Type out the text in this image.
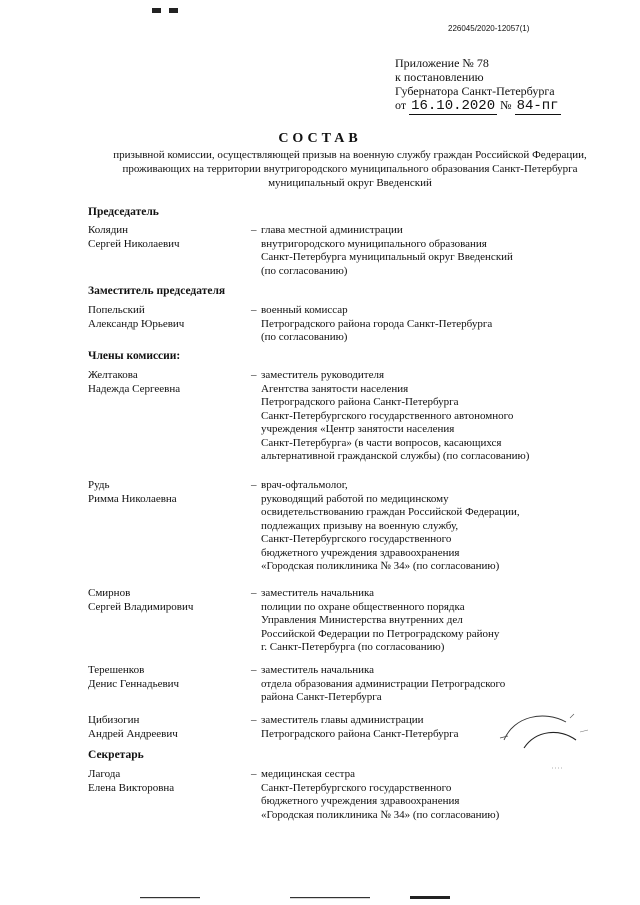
226045/2020-12057(1)
Приложение № 78
к постановлению
Губернатора Санкт-Петербурга
от 16.10.2020 № 84-пг
СОСТАВ
призывной комиссии, осуществляющей призыв на военную службу граждан Российской Федерации, проживающих на территории внутригородского муниципального образования Санкт-Петербурга муниципальный округ Введенский
Председатель
Колядин
Сергей Николаевич
– глава местной администрации
внутригородского муниципального образования
Санкт-Петербурга муниципальный округ Введенский
(по согласованию)
Заместитель председателя
Попельский
Александр Юрьевич
– военный комиссар
Петроградского района города Санкт-Петербурга
(по согласованию)
Члены комиссии:
Желтакова
Надежда Сергеевна
– заместитель руководителя
Агентства занятости населения
Петроградского района Санкт-Петербурга
Санкт-Петербургского государственного автономного
учреждения «Центр занятости населения
Санкт-Петербурга» (в части вопросов, касающихся
альтернативной гражданской службы) (по согласованию)
Рудь
Римма Николаевна
– врач-офтальмолог,
руководящий работой по медицинскому
освидетельствованию граждан Российской Федерации,
подлежащих призыву на военную службу,
Санкт-Петербургского государственного
бюджетного учреждения здравоохранения
«Городская поликлиника № 34» (по согласованию)
Смирнов
Сергей Владимирович
– заместитель начальника
полиции по охране общественного порядка
Управления Министерства внутренних дел
Российской Федерации по Петроградскому району
г. Санкт-Петербурга (по согласованию)
Терешенков
Денис Геннадьевич
– заместитель начальника
отдела образования администрации Петроградского
района Санкт-Петербурга
Цибизогин
Андрей Андреевич
– заместитель главы администрации
Петроградского района Санкт-Петербурга
Секретарь
Лагода
Елена Викторовна
– медицинская сестра
Санкт-Петербургского государственного
бюджетного учреждения здравоохранения
«Городская поликлиника № 34» (по согласованию)
